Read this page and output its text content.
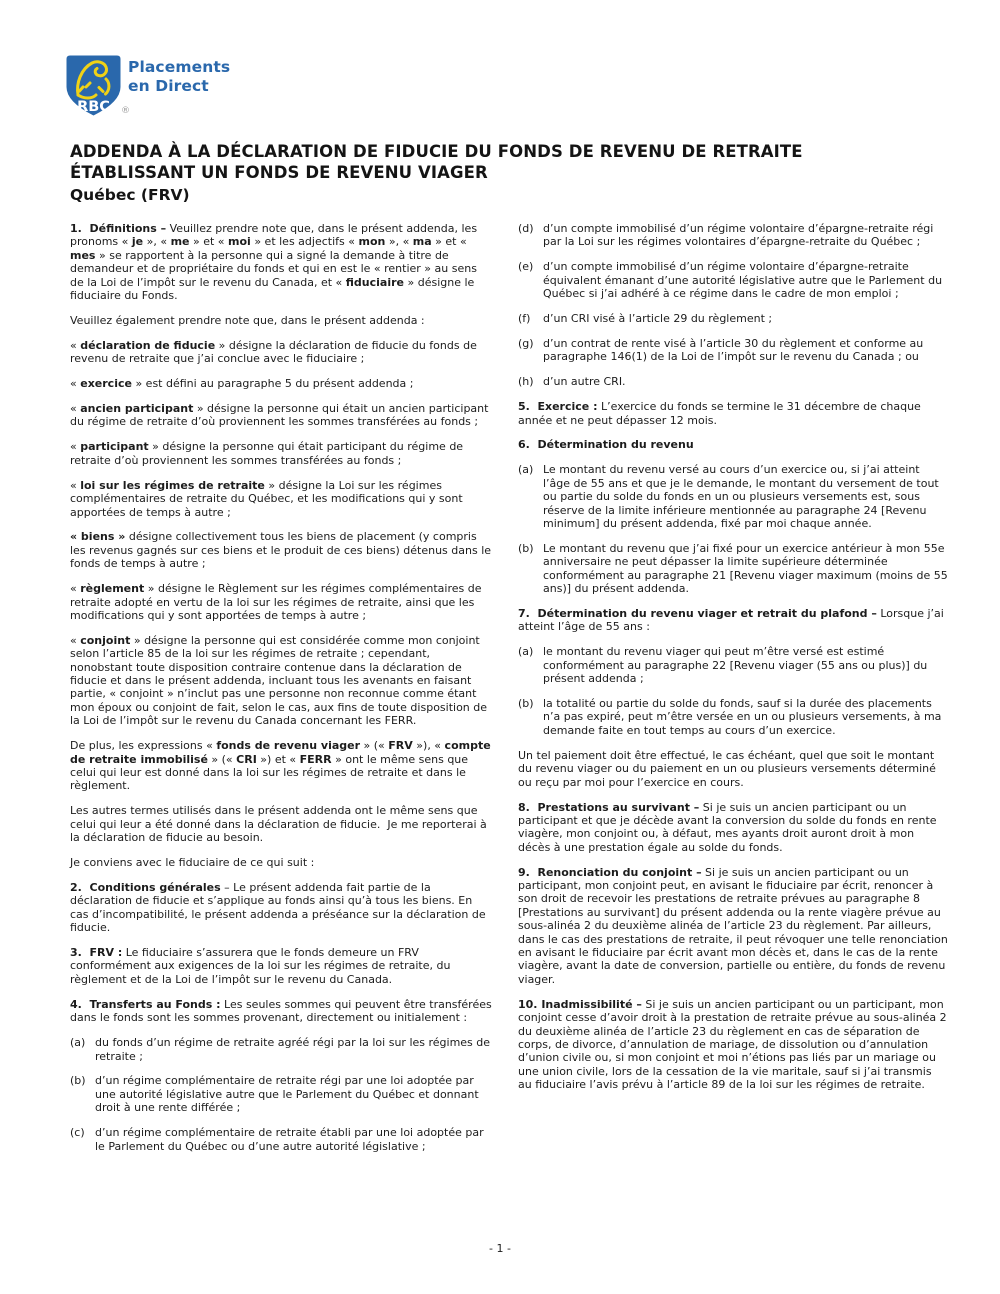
RBC
Placements
en Direct
®
ADDENDA À LA DÉCLARATION DE FIDUCIE DU FONDS DE REVENU DE RETRAITE ÉTABLISSANT UN FONDS DE REVENU VIAGER
Québec (FRV)

1.  Définitions – Veuillez prendre note que, dans le présent addenda, les pronoms « je », « me » et « moi » et les adjectifs « mon », « ma » et « mes » se rapportent à la personne qui a signé la demande à titre de demandeur et de propriétaire du fonds et qui en est le « rentier » au sens de la Loi de l’impôt sur le revenu du Canada, et « fiduciaire » désigne le fiduciaire du Fonds.

Veuillez également prendre note que, dans le présent addenda :

« déclaration de fiducie » désigne la déclaration de fiducie du fonds de revenu de retraite que j’ai conclue avec le fiduciaire ;

« exercice » est défini au paragraphe 5 du présent addenda ;

« ancien participant » désigne la personne qui était un ancien participant du régime de retraite d’où proviennent les sommes transférées au fonds ;

« participant » désigne la personne qui était participant du régime de retraite d’où proviennent les sommes transférées au fonds ;

« loi sur les régimes de retraite » désigne la Loi sur les régimes complémentaires de retraite du Québec, et les modifications qui y sont apportées de temps à autre ;

« biens » désigne collectivement tous les biens de placement (y compris les revenus gagnés sur ces biens et le produit de ces biens) détenus dans le fonds de temps à autre ;

« règlement » désigne le Règlement sur les régimes complémentaires de retraite adopté en vertu de la loi sur les régimes de retraite, ainsi que les modifications qui y sont apportées de temps à autre ;

« conjoint » désigne la personne qui est considérée comme mon conjoint selon l’article 85 de la loi sur les régimes de retraite ; cependant, nonobstant toute disposition contraire contenue dans la déclaration de fiducie et dans le présent addenda, incluant tous les avenants en faisant partie, « conjoint » n’inclut pas une personne non reconnue comme étant mon époux ou conjoint de fait, selon le cas, aux fins de toute disposition de la Loi de l’impôt sur le revenu du Canada concernant les FERR.

De plus, les expressions « fonds de revenu viager » (« FRV »), « compte de retraite immobilisé » (« CRI ») et « FERR » ont le même sens que celui qui leur est donné dans la loi sur les régimes de retraite et dans le règlement.

Les autres termes utilisés dans le présent addenda ont le même sens que celui qui leur a été donné dans la déclaration de fiducie.  Je me reporterai à la déclaration de fiducie au besoin.

Je conviens avec le fiduciaire de ce qui suit :

2.  Conditions générales – Le présent addenda fait partie de la déclaration de fiducie et s’applique au fonds ainsi qu’à tous les biens. En cas d’incompatibilité, le présent addenda a préséance sur la déclaration de fiducie.

3.  FRV : Le fiduciaire s’assurera que le fonds demeure un FRV conformément aux exigences de la loi sur les régimes de retraite, du règlement et de la Loi de l’impôt sur le revenu du Canada.

4.  Transferts au Fonds : Les seules sommes qui peuvent être transférées dans le fonds sont les sommes provenant, directement ou initialement :

(a) du fonds d’un régime de retraite agréé régi par la loi sur les régimes de retraite ;

(b) d’un régime complémentaire de retraite régi par une loi adoptée par une autorité législative autre que le Parlement du Québec et donnant droit à une rente différée ;

(c) d’un régime complémentaire de retraite établi par une loi adoptée par le Parlement du Québec ou d’une autre autorité législative ;

(d) d’un compte immobilisé d’un régime volontaire d’épargne-retraite régi par la Loi sur les régimes volontaires d’épargne-retraite du Québec ;

(e) d’un compte immobilisé d’un régime volontaire d’épargne-retraite équivalent émanant d’une autorité législative autre que le Parlement du Québec si j’ai adhéré à ce régime dans le cadre de mon emploi ;

(f) d’un CRI visé à l’article 29 du règlement ;

(g) d’un contrat de rente visé à l’article 30 du règlement et conforme au paragraphe 146(1) de la Loi de l’impôt sur le revenu du Canada ; ou

(h) d’un autre CRI.

5.  Exercice : L’exercice du fonds se termine le 31 décembre de chaque année et ne peut dépasser 12 mois.

6.  Détermination du revenu

(a) Le montant du revenu versé au cours d’un exercice ou, si j’ai atteint l’âge de 55 ans et que je le demande, le montant du versement de tout ou partie du solde du fonds en un ou plusieurs versements est, sous réserve de la limite inférieure mentionnée au paragraphe 24 [Revenu minimum] du présent addenda, fixé par moi chaque année.

(b) Le montant du revenu que j’ai fixé pour un exercice antérieur à mon 55e anniversaire ne peut dépasser la limite supérieure déterminée conformément au paragraphe 21 [Revenu viager maximum (moins de 55 ans)] du présent addenda.

7.  Détermination du revenu viager et retrait du plafond – Lorsque j’ai atteint l’âge de 55 ans :

(a) le montant du revenu viager qui peut m’être versé est estimé conformément au paragraphe 22 [Revenu viager (55 ans ou plus)] du présent addenda ;

(b) la totalité ou partie du solde du fonds, sauf si la durée des placements n’a pas expiré, peut m’être versée en un ou plusieurs versements, à ma demande faite en tout temps au cours d’un exercice.

Un tel paiement doit être effectué, le cas échéant, quel que soit le montant du revenu viager ou du paiement en un ou plusieurs versements déterminé ou reçu par moi pour l’exercice en cours.

8.  Prestations au survivant – Si je suis un ancien participant ou un participant et que je décède avant la conversion du solde du fonds en rente viagère, mon conjoint ou, à défaut, mes ayants droit auront droit à mon décès à une prestation égale au solde du fonds.

9.  Renonciation du conjoint – Si je suis un ancien participant ou un participant, mon conjoint peut, en avisant le fiduciaire par écrit, renoncer à son droit de recevoir les prestations de retraite prévues au paragraphe 8 [Prestations au survivant] du présent addenda ou la rente viagère prévue au sous-alinéa 2 du deuxième alinéa de l’article 23 du règlement. Par ailleurs, dans le cas des prestations de retraite, il peut révoquer une telle renonciation en avisant le fiduciaire par écrit avant mon décès et, dans le cas de la rente viagère, avant la date de conversion, partielle ou entière, du fonds de revenu viager.

10. Inadmissibilité – Si je suis un ancien participant ou un participant, mon conjoint cesse d’avoir droit à la prestation de retraite prévue au sous-alinéa 2 du deuxième alinéa de l’article 23 du règlement en cas de séparation de corps, de divorce, d’annulation de mariage, de dissolution ou d’annulation d’union civile ou, si mon conjoint et moi n’étions pas liés par un mariage ou une union civile, lors de la cessation de la vie maritale, sauf si j’ai transmis au fiduciaire l’avis prévu à l’article 89 de la loi sur les régimes de retraite.

- 1 -
